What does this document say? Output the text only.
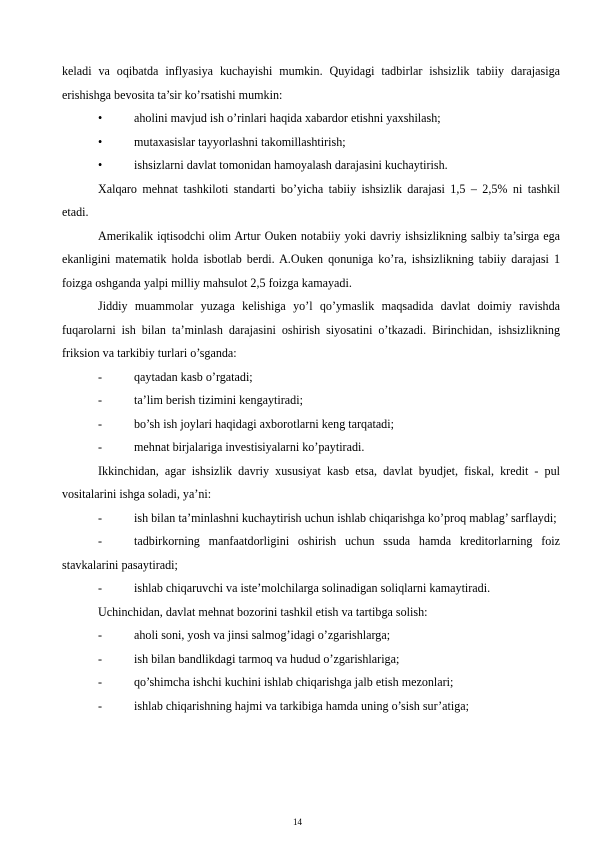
keladi va oqibatda inflyasiya kuchayishi mumkin. Quyidagi tadbirlar ishsizlik tabiiy darajasiga erishishga bevosita ta’sir ko’rsatishi mumkin:

•	aholini mavjud ish o’rinlari haqida xabardor etishni yaxshilash;

•	mutaxasislar tayyorlashni takomillashtirish;

•	ishsizlarni davlat tomonidan hamoyalash darajasini kuchaytirish.

Xalqaro mehnat tashkiloti standarti bo’yicha tabiiy ishsizlik darajasi 1,5 – 2,5% ni tashkil etadi.

Amerikalik iqtisodchi olim Artur Ouken notabiiy yoki davriy ishsizlikning salbiy ta’sirga ega ekanligini matematik holda isbotlab berdi. A.Ouken qonuniga ko’ra, ishsizlikning tabiiy darajasi 1 foizga oshganda yalpi milliy mahsulot 2,5 foizga kamayadi.

Jiddiy muammolar yuzaga kelishiga yo’l qo’ymaslik maqsadida davlat doimiy ravishda fuqarolarni ish bilan ta’minlash darajasini oshirish siyosatini o’tkazadi. Birinchidan, ishsizlikning friksion va tarkibiy turlari o’sganda:

-	qaytadan kasb o’rgatadi;

-	ta’lim berish tizimini kengaytiradi;

-	bo’sh ish joylari haqidagi axborotlarni keng tarqatadi;

-	mehnat birjalariga investisiyalarni ko’paytiradi.

Ikkinchidan, agar ishsizlik davriy xususiyat kasb etsa, davlat byudjet, fiskal, kredit - pul vositalarini ishga soladi, ya’ni:

-	ish bilan ta’minlashni kuchaytirish uchun ishlab chiqarishga ko’proq mablag’ sarflaydi;

-	tadbirkorning manfaatdorligini oshirish uchun ssuda hamda kreditorlarning foiz stavkalarini pasaytiradi;

-	ishlab chiqaruvchi va iste’molchilarga solinadigan soliqlarni kamaytiradi.

Uchinchidan, davlat mehnat bozorini tashkil etish va tartibga solish:

-	aholi soni, yosh va jinsi salmog’idagi o’zgarishlarga;

-	ish bilan bandlikdagi tarmoq va hudud o’zgarishlariga;

-	qo’shimcha ishchi kuchini ishlab chiqarishga jalb etish mezonlari;

-	ishlab chiqarishning hajmi va tarkibiga hamda uning o’sish sur’atiga;

14
